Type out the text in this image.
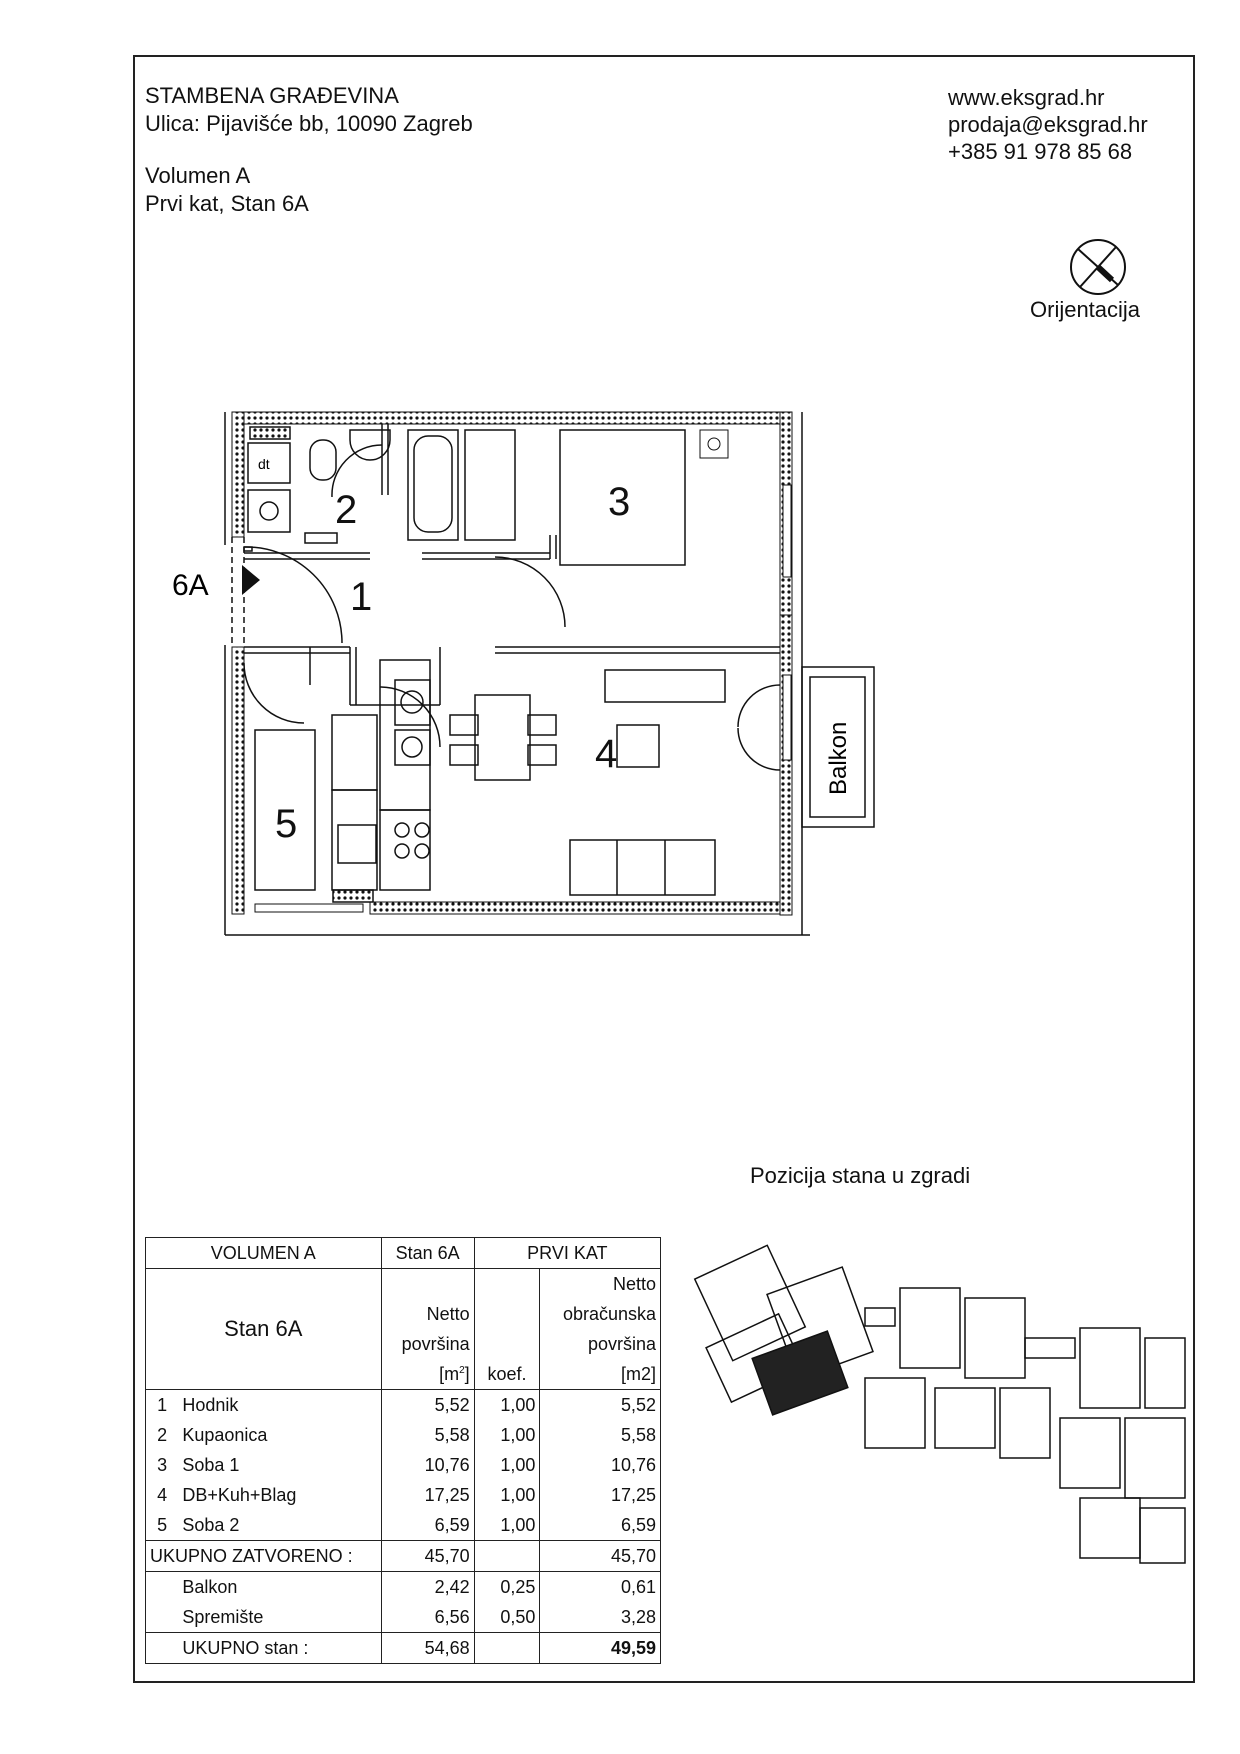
STAMBENA GRAĐEVINA
Ulica: Pijavišće bb, 10090 Zagreb
Volumen A
Prvi kat, Stan 6A
www.eksgrad.hr
prodaja@eksgrad.hr
+385 91 978 85 68
Orijentacija
6A
dt
Balkon
1
2	3
4
5
Pozicija stana u zgradi
VOLUMEN A		Stan 6A	PRVI KAT	
Stan 6A				Netto
		Netto		obračunska
		površina		površina
		$[m^2]$	koef.	[m2]
1	Hodnik	5,52	1,00	5,52
2	Kupaonica	5,58	1,00	5,58
3	Soba 1	10,76	1,00	10,76
4	DB+Kuh+Blag	17,25	1,00	17,25
5	Soba 2	6,59	1,00	6,59
UKUPNO ZATVORENO :		45,70		45,70
	Balkon	2,42	0,25	0,61
	Spremište	6,56	0,50	3,28
	UKUPNO stan :	54,68		49,59
